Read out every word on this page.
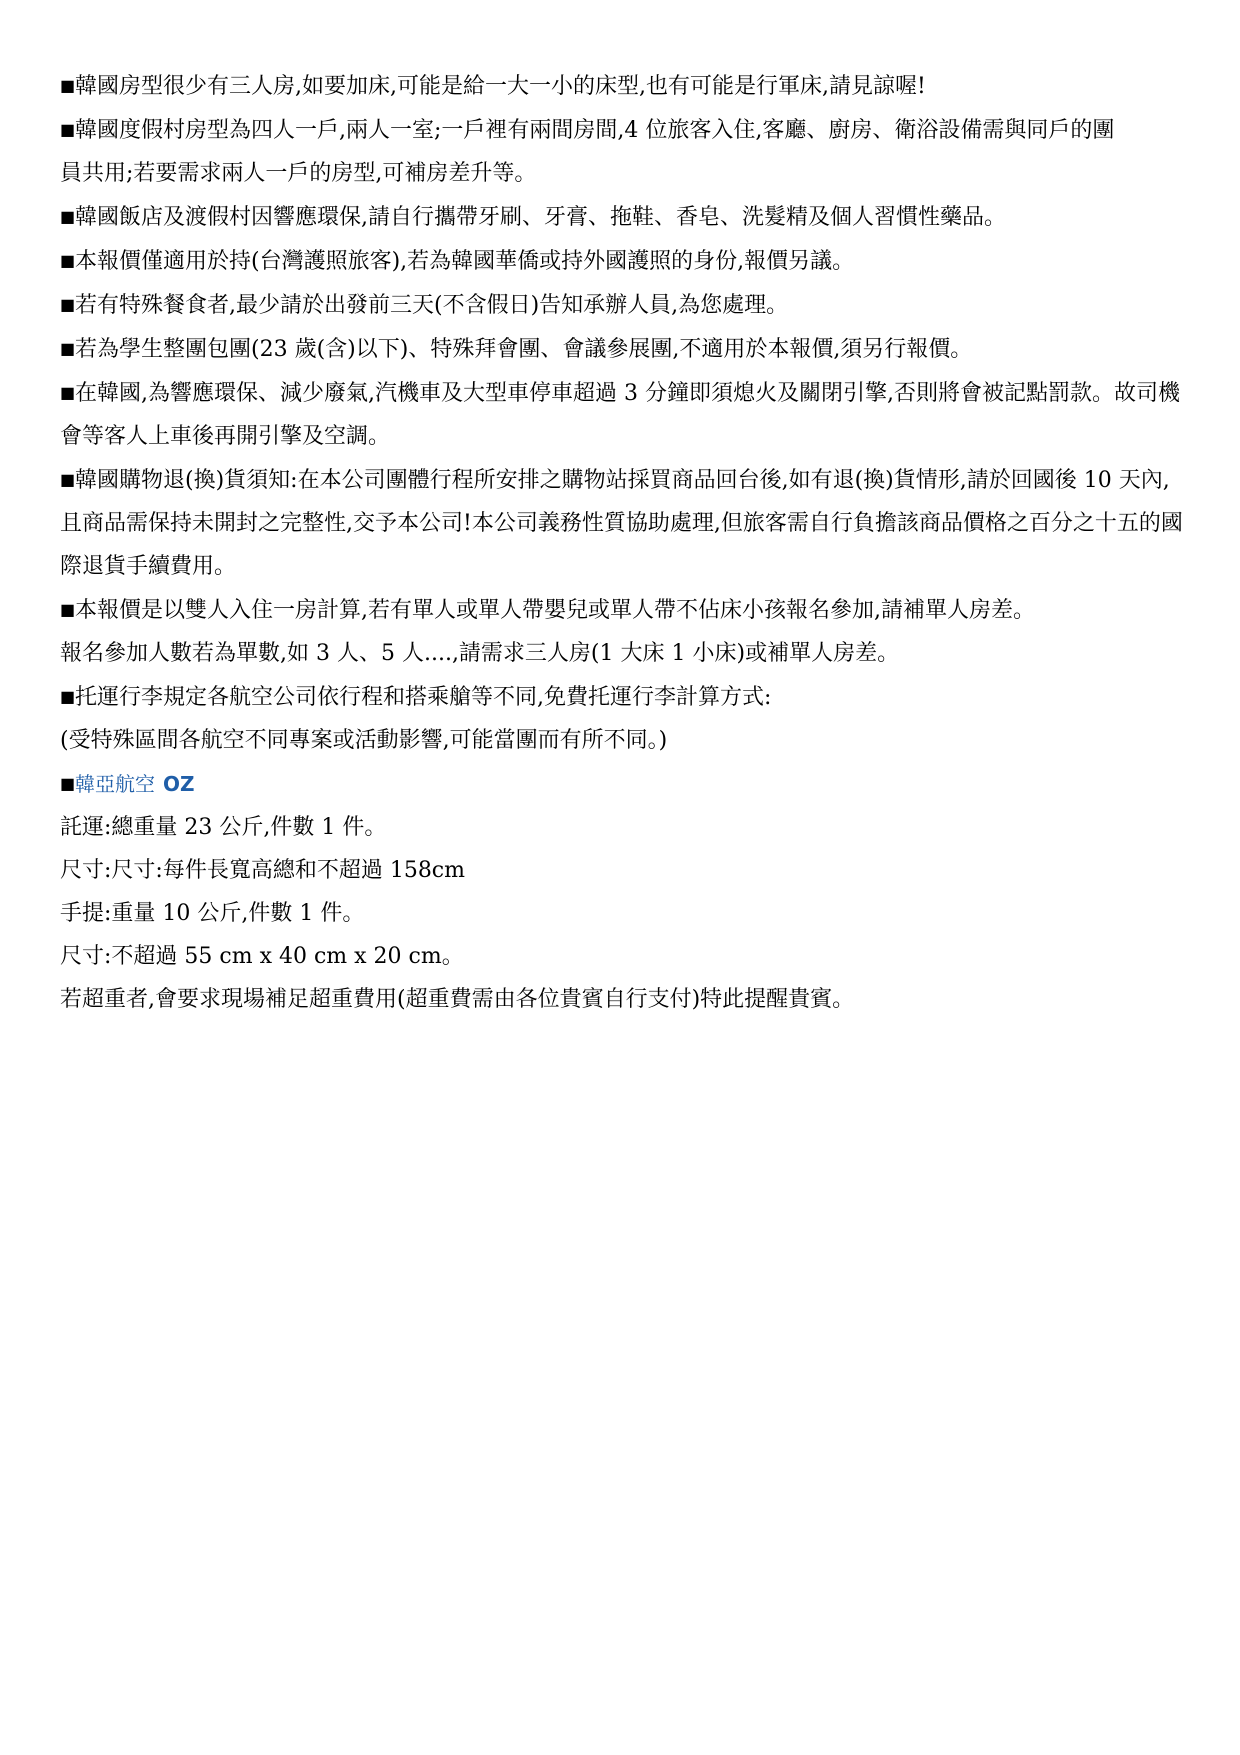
■韓國房型很少有三人房,如要加床,可能是給一大一小的床型,也有可能是行軍床,請見諒喔!
■韓國度假村房型為四人一戶,兩人一室;一戶裡有兩間房間,4 位旅客入住,客廳、廚房、衛浴設備需與同戶的團
員共用;若要需求兩人一戶的房型,可補房差升等。
■韓國飯店及渡假村因響應環保,請自行攜帶牙刷、牙膏、拖鞋、香皂、洗髮精及個人習慣性藥品。
■本報價僅適用於持(台灣護照旅客),若為韓國華僑或持外國護照的身份,報價另議。
■若有特殊餐食者,最少請於出發前三天(不含假日)告知承辦人員,為您處理。
■若為學生整團包團(23 歲(含)以下)、特殊拜會團、會議參展團,不適用於本報價,須另行報價。
■在韓國,為響應環保、減少廢氣,汽機車及大型車停車超過 3 分鐘即須熄火及關閉引擎,否則將會被記點罰款。故司機會等客人上車後再開引擎及空調。
■韓國購物退(換)貨須知:在本公司團體行程所安排之購物站採買商品回台後,如有退(換)貨情形,請於回國後 10 天內,且商品需保持未開封之完整性,交予本公司!本公司義務性質協助處理,但旅客需自行負擔該商品價格之百分之十五的國際退貨手續費用。
■本報價是以雙人入住一房計算,若有單人或單人帶嬰兒或單人帶不佔床小孩報名參加,請補單人房差。
報名參加人數若為單數,如 3 人、5 人....,請需求三人房(1 大床 1 小床)或補單人房差。
■托運行李規定各航空公司依行程和搭乘艙等不同,免費托運行李計算方式:
(受特殊區間各航空不同專案或活動影響,可能當團而有所不同。)
■韓亞航空 OZ
託運:總重量 23 公斤,件數 1 件。
尺寸:尺寸:每件長寬高總和不超過 158cm
手提:重量 10 公斤,件數 1 件。
尺寸:不超過 55 cm x 40 cm x 20 cm。
若超重者,會要求現場補足超重費用(超重費需由各位貴賓自行支付)特此提醒貴賓。
